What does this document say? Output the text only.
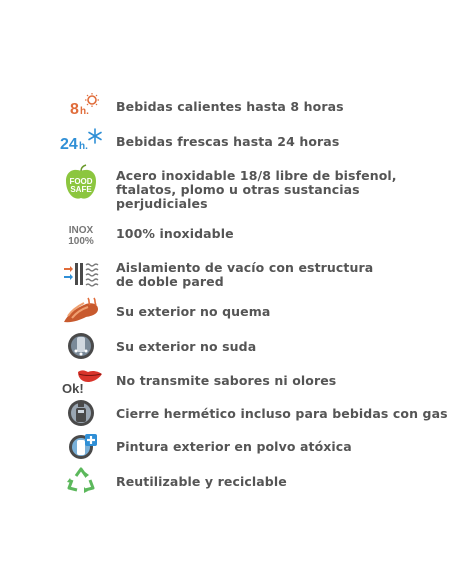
8 h. Bebidas calientes hasta 8 horas
24 h. Bebidas frescas hasta 24 horas
FOOD
SAFE
Acero inoxidable 18/8 libre de bisfenol,
ftalatos, plomo u otras sustancias
perjudiciales
INOX
100%
100% inoxidable
Aislamiento de vacío con estructura
de doble pared
Su exterior no quema
Su exterior no suda
Ok!
No transmite sabores ni olores
Cierre hermético incluso para bebidas con gas
Pintura exterior en polvo atóxica
Reutilizable y reciclable
